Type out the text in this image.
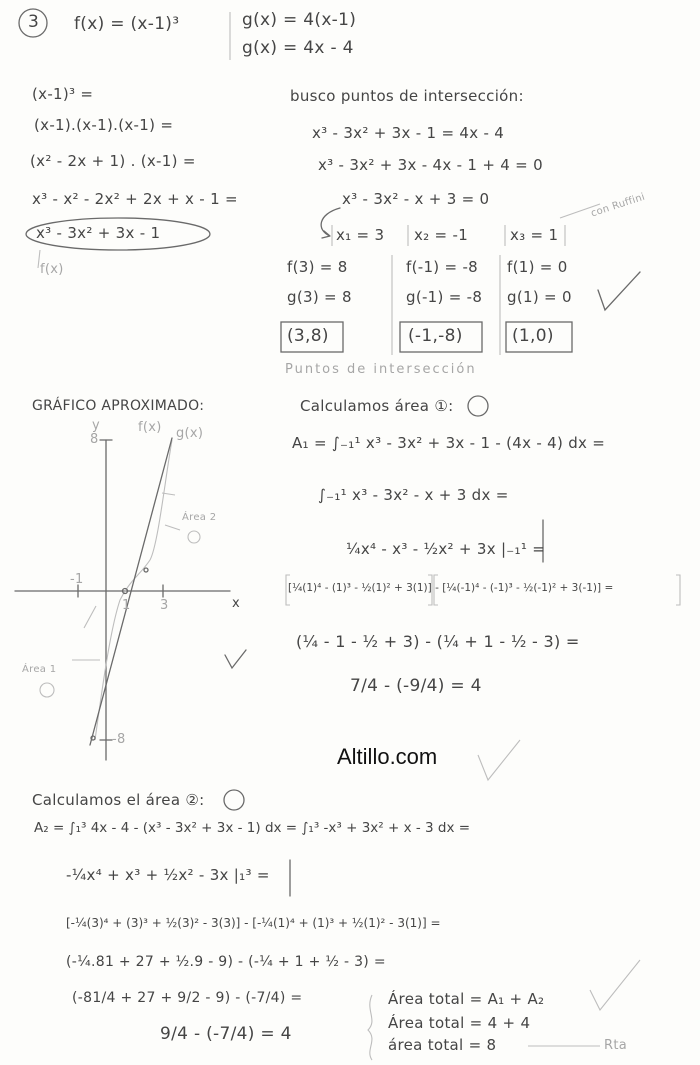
3 f(x) = (x-1)³	g(x) = 4(x-1)

g(x) = 4x - 4

(x-1)³ =

(x-1).(x-1).(x-1) =

(x² - 2x + 1) . (x-1) =

x³ - x² - 2x² + 2x + x - 1 =

x³ - 3x² + 3x - 1

f(x)

busco puntos de intersección:

x³ - 3x² + 3x - 1 = 4x - 4

x³ - 3x² + 3x - 4x - 1 + 4 = 0

x³ - 3x² - x + 3 = 0	con Ruffini

x₁ = 3 x₂ = -1	x₃ = 1

f(3) = 8	f(-1) = -8 f(1) = 0

g(3) = 8	g(-1) = -8 g(1) = 0

(3,8)	(-1,-8)	(1,0)

Puntos de intersección

GRÁFICO APROXIMADO:

y

x

f(x) g(x)

Área 1

Área 2

8

-8

3

1

-1

Calculamos área ①:

A₁ = ∫₋₁¹ x³ - 3x² + 3x - 1 - (4x - 4) dx =

∫₋₁¹ x³ - 3x² - x + 3 dx =

¼x⁴ - x³ - ½x² + 3x |₋₁¹ =

[¼(1)⁴ - (1)³ - ½(1)² + 3(1)] - [¼(-1)⁴ - (-1)³ - ½(-1)² + 3(-1)] =

(¼ - 1 - ½ + 3) - (¼ + 1 - ½ - 3) =

7/4 - (-9/4) = 4

Altillo.com

Calculamos el área ②:

A₂ = ∫₁³ 4x - 4 - (x³ - 3x² + 3x - 1) dx = ∫₁³ -x³ + 3x² + x - 3 dx =

-¼x⁴ + x³ + ½x² - 3x |₁³ =

[-¼(3)⁴ + (3)³ + ½(3)² - 3(3)] - [-¼(1)⁴ + (1)³ + ½(1)² - 3(1)] =

(-¼.81 + 27 + ½.9 - 9) - (-¼ + 1 + ½ - 3) =

(-81/4 + 27 + 9/2 - 9) - (-7/4) =

9/4 - (-7/4) = 4

Área total = A₁ + A₂

Área total = 4 + 4

área total = 8	Rta
